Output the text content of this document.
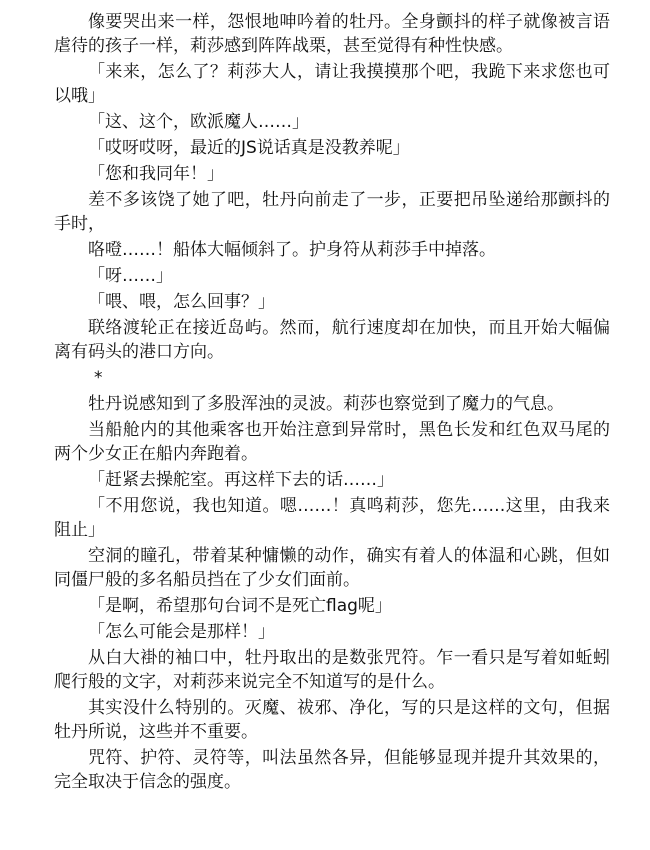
像要哭出来一样，怨恨地呻吟着的牡丹。全身颤抖的样子就像被言语虐待的孩子一样，莉莎感到阵阵战栗，甚至觉得有种性快感。

「来来，怎么了？莉莎大人，请让我摸摸那个吧，我跪下来求您也可以哦」

「这、这个，欧派魔人……」

「哎呀哎呀，最近的JS说话真是没教养呢」

「您和我同年！」

差不多该饶了她了吧，牡丹向前走了一步，正要把吊坠递给那颤抖的手时，

咯噔……！船体大幅倾斜了。护身符从莉莎手中掉落。

「呀……」

「喂、喂，怎么回事？」

联络渡轮正在接近岛屿。然而，航行速度却在加快，而且开始大幅偏离有码头的港口方向。

*

牡丹说感知到了多股浑浊的灵波。莉莎也察觉到了魔力的气息。

当船舱内的其他乘客也开始注意到异常时，黑色长发和红色双马尾的两个少女正在船内奔跑着。

「赶紧去操舵室。再这样下去的话……」

「不用您说，我也知道。嗯……！真鸣莉莎，您先……这里，由我来阻止」

空洞的瞳孔，带着某种慵懒的动作，确实有着人的体温和心跳，但如同僵尸般的多名船员挡在了少女们面前。

「是啊，希望那句台词不是死亡flag呢」

「怎么可能会是那样！」

从白大褂的袖口中，牡丹取出的是数张咒符。乍一看只是写着如蚯蚓爬行般的文字，对莉莎来说完全不知道写的是什么。

其实没什么特别的。灭魔、祓邪、净化，写的只是这样的文句，但据牡丹所说，这些并不重要。

咒符、护符、灵符等，叫法虽然各异，但能够显现并提升其效果的，完全取决于信念的强度。
